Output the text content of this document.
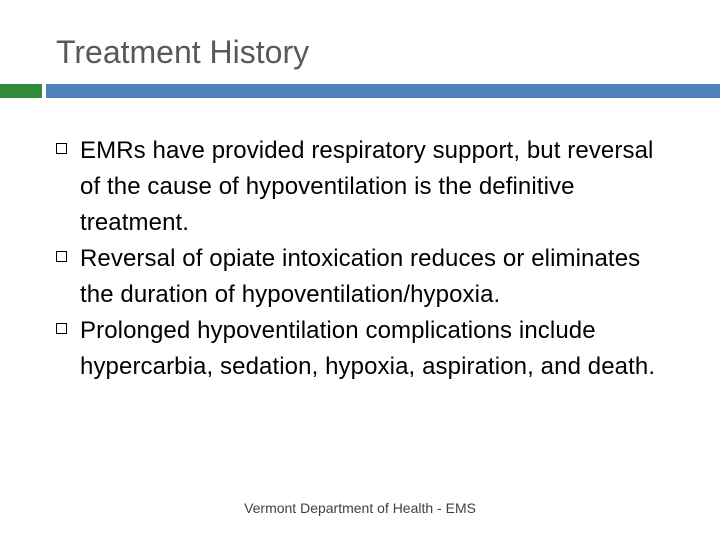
Treatment History
EMRs have provided respiratory support, but reversal of the cause of hypoventilation is the definitive treatment.
Reversal of opiate intoxication reduces or eliminates the duration of hypoventilation/hypoxia.
Prolonged hypoventilation complications include hypercarbia, sedation, hypoxia, aspiration, and death.
Vermont Department of Health - EMS
